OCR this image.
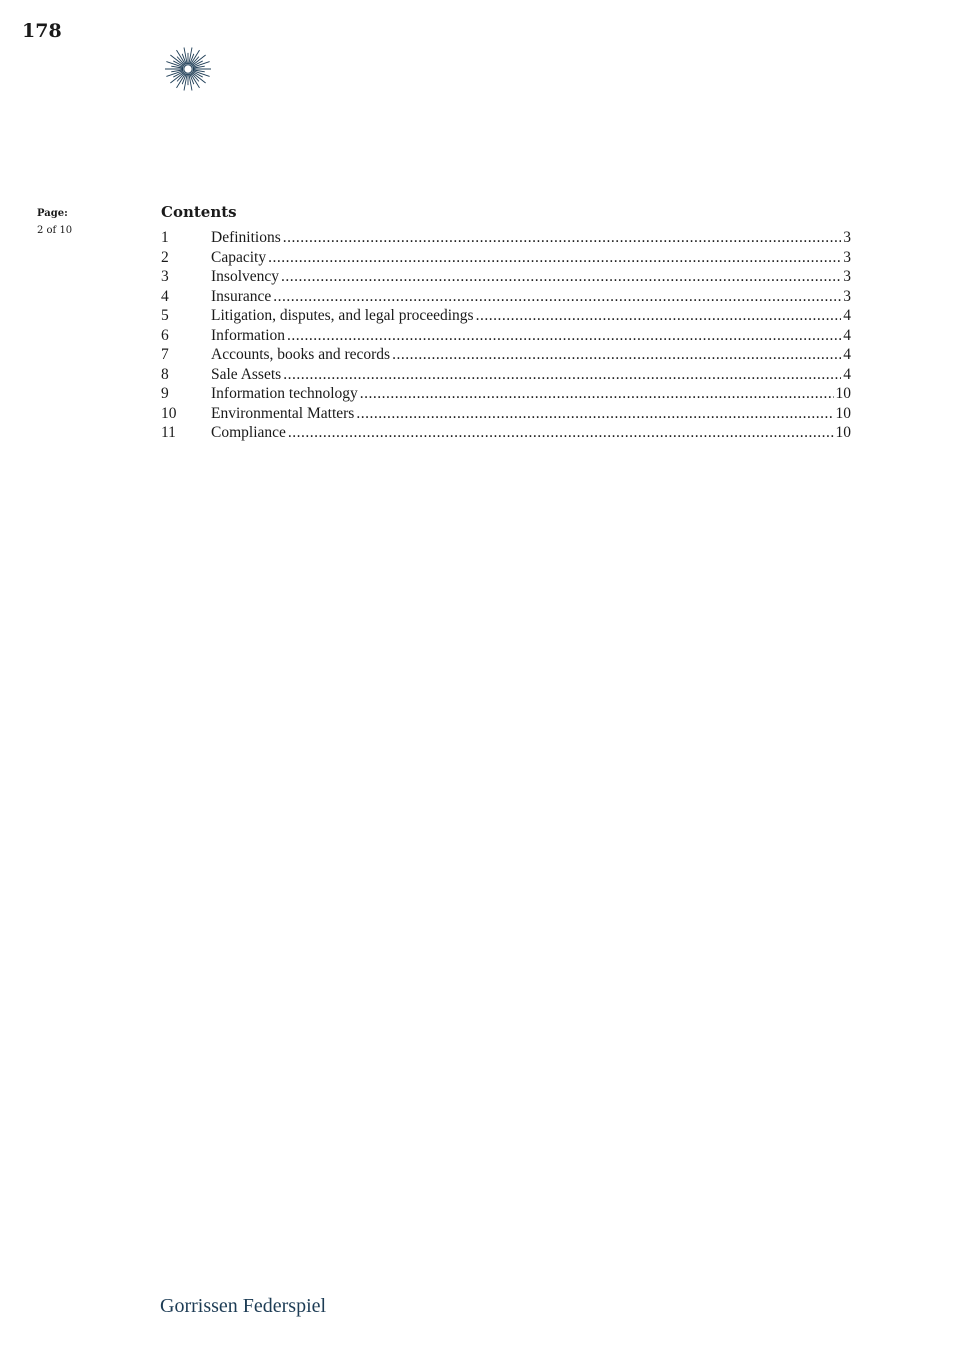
178
Page:
2 of 10
Contents
1	Definitions .....	3
2	Capacity .....	3
3	Insolvency .....	3
4	Insurance .....	3
5	Litigation, disputes, and legal proceedings .....	4
6	Information .....	4
7	Accounts, books and records .....	4
8	Sale Assets .....	4
9	Information technology .....	10
10	Environmental Matters .....	10
11	Compliance .....	10
Gorrissen Federspiel
